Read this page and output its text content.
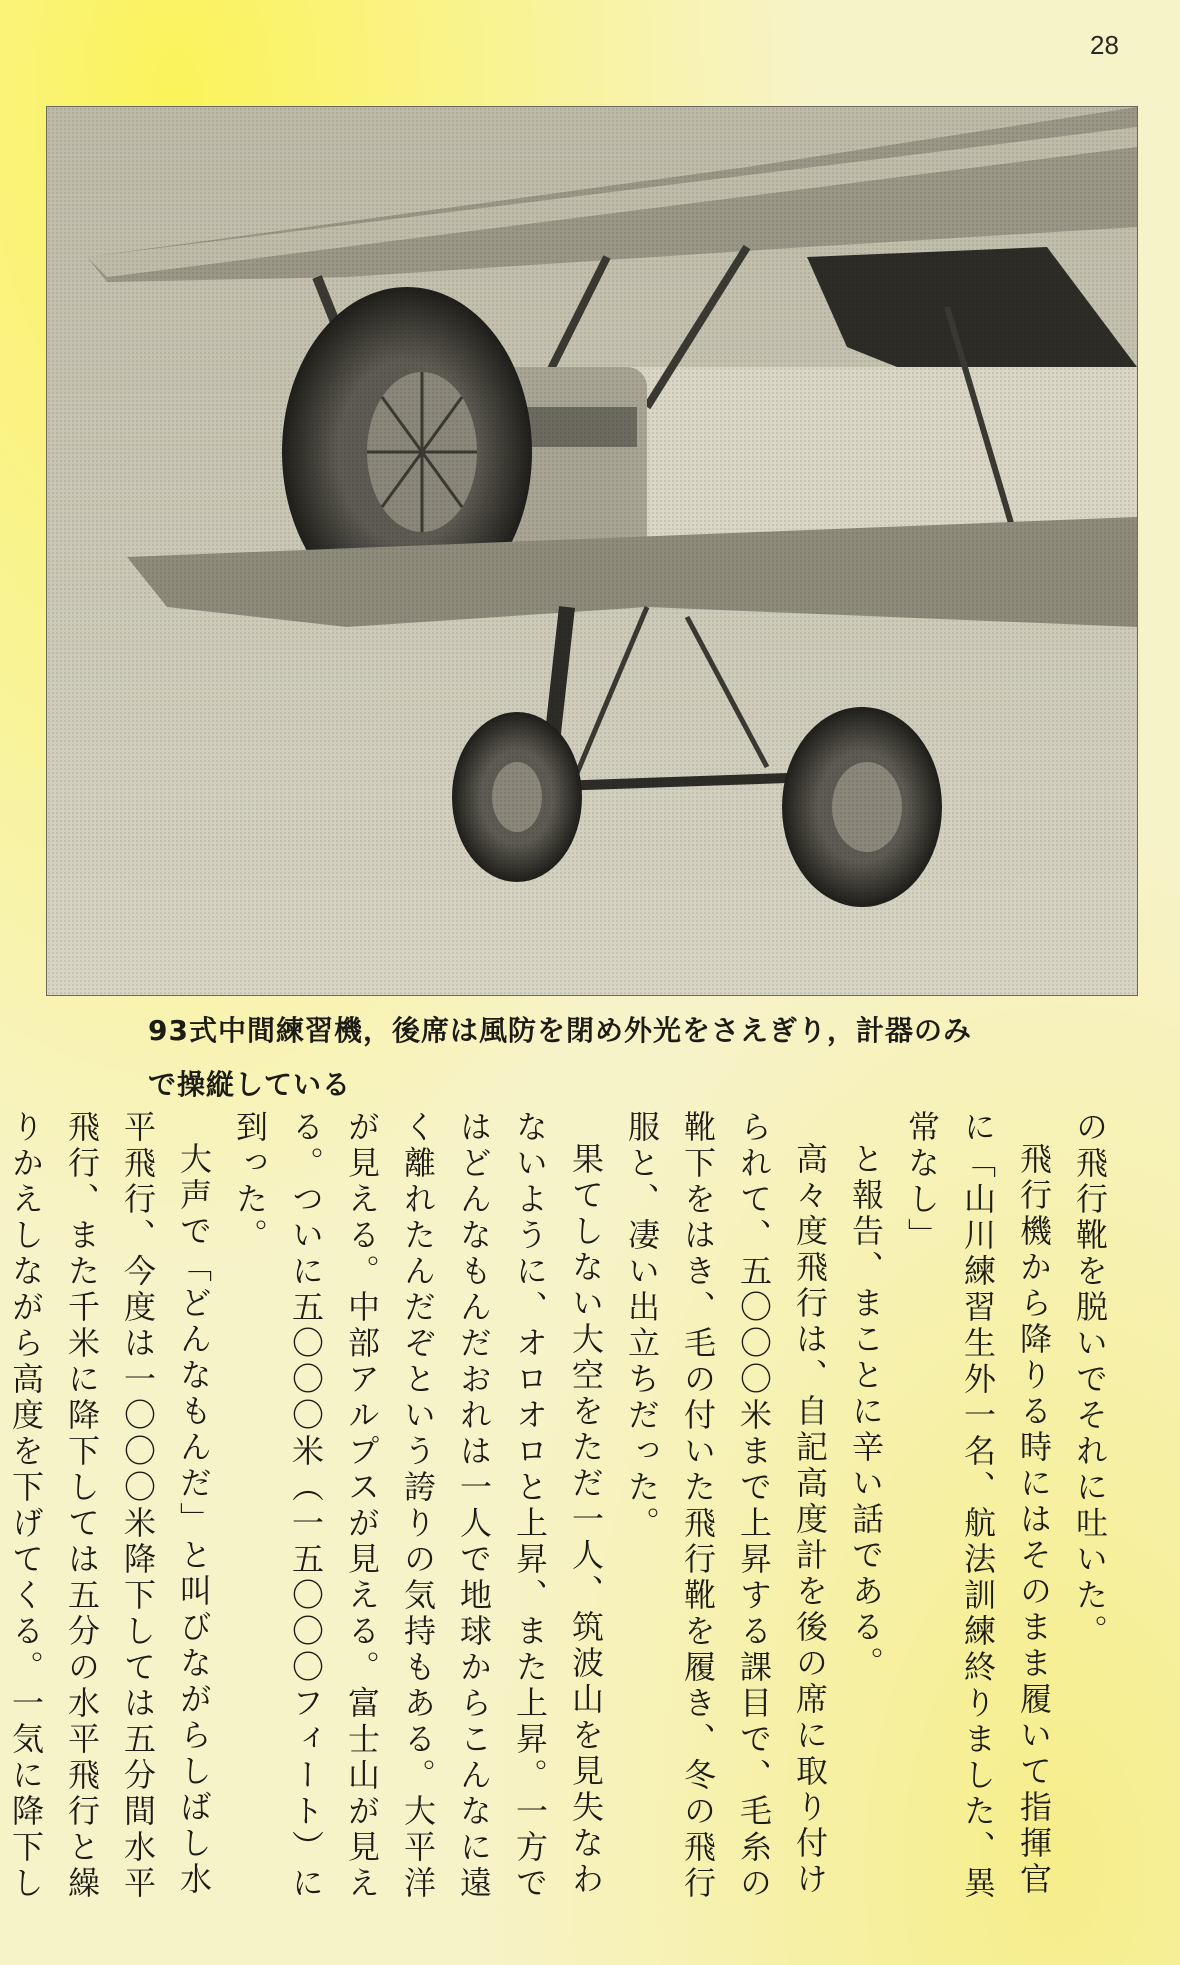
28
93式中間練習機，後席は風防を閉め外光をさえぎり，計器のみ
で操縦している

の飛行靴を脱いでそれに吐いた。

飛行機から降りる時にはそのまま履いて指揮官に「山川練習生外一名、航法訓練終りました、異常なし」

と報告、まことに辛い話である。

高々度飛行は、自記高度計を後の席に取り付けられて、五〇〇〇米まで上昇する課目で、毛糸の靴下をはき、毛の付いた飛行靴を履き、冬の飛行服と、凄い出立ちだった。

果てしない大空をただ一人、筑波山を見失なわないように、オロオロと上昇、また上昇。一方ではどんなもんだおれは一人で地球からこんなに遠く離れたんだぞという誇りの気持もある。大平洋が見える。中部アルプスが見える。富士山が見える。ついに五〇〇〇米（一五〇〇〇フィート）に到った。

大声で「どんなもんだ」と叫びながらしばし水平飛行、今度は一〇〇〇米降下しては五分間水平飛行、また千米に降下しては五分の水平飛行と繰りかえしながら高度を下げてくる。一気に降下し
